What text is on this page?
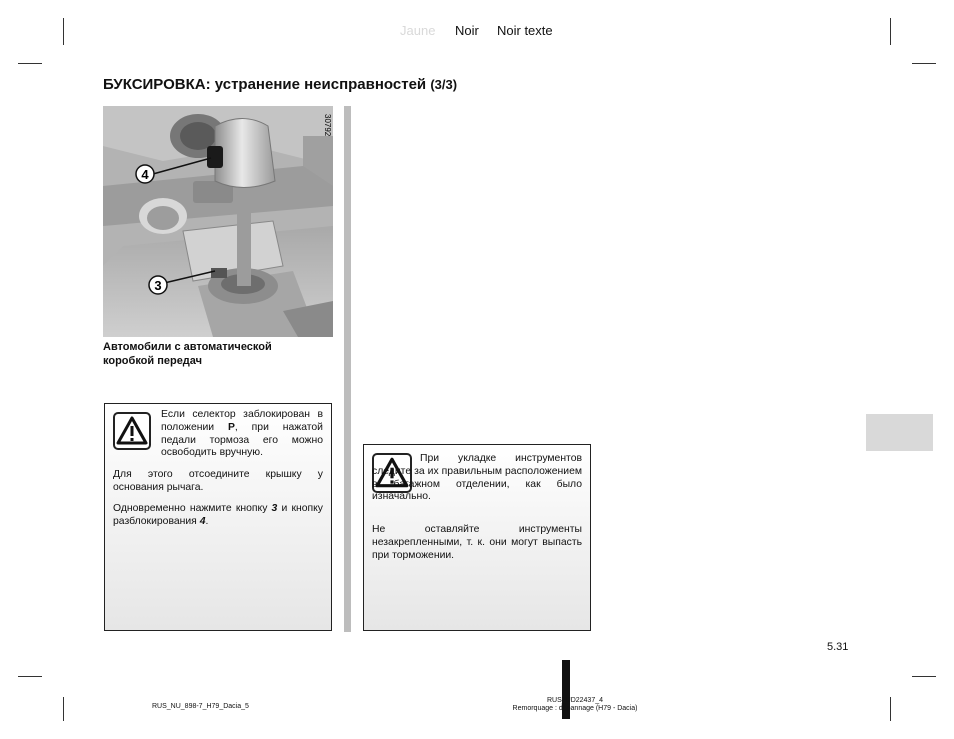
Jaune Noir Noir texte
БУКСИРОВКА: устранение неисправностей (3/3)
4
3
30792
Автомобили с автоматической
коробкой передач
Если селектор заблокирован в положении P, при нажатой педали тормоза его можно освободить вручную.
Для этого отсоедините крышку у основания рычага.
Одновременно нажмите кнопку 3 и кнопку разблокирования 4.
При укладке инструментов следите за их правильным расположением в багажном отделении, как было изначально.
Не оставляйте инструменты незакрепленными, т. к. они могут выпасть при торможении.
5.31
RUS_NU_898-7_H79_Dacia_5
RUS_UD22437_4
Remorquage : dépannage (H79 - Dacia)
